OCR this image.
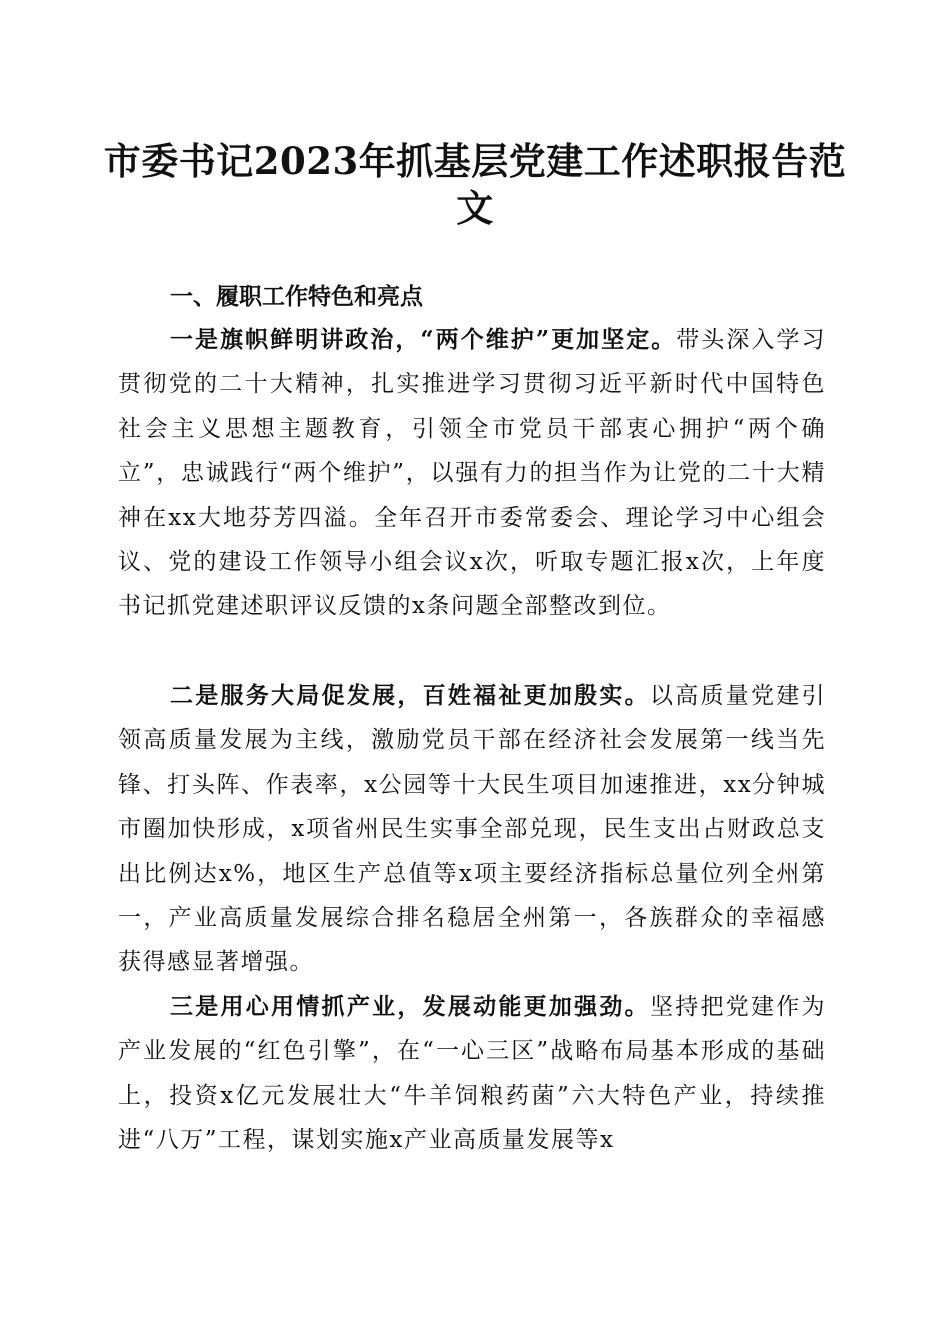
市委书记2023年抓基层党建工作述职报告范文
一、履职工作特色和亮点
一是旗帜鲜明讲政治，“两个维护”更加坚定。带头深入学习贯彻党的二十大精神，扎实推进学习贯彻习近平新时代中国特色社会主义思想主题教育，引领全市党员干部衷心拥护“两个确立”，忠诚践行“两个维护”，以强有力的担当作为让党的二十大精神在xx大地芬芳四溢。全年召开市委常委会、理论学习中心组会议、党的建设工作领导小组会议x次，听取专题汇报x次，上年度书记抓党建述职评议反馈的x条问题全部整改到位。
二是服务大局促发展，百姓福祉更加殷实。以高质量党建引领高质量发展为主线，激励党员干部在经济社会发展第一线当先锋、打头阵、作表率，x公园等十大民生项目加速推进，xx分钟城市圈加快形成，x项省州民生实事全部兑现，民生支出占财政总支出比例达x%，地区生产总值等x项主要经济指标总量位列全州第一，产业高质量发展综合排名稳居全州第一，各族群众的幸福感获得感显著增强。
三是用心用情抓产业，发展动能更加强劲。坚持把党建作为产业发展的“红色引擎”，在“一心三区”战略布局基本形成的基础上，投资x亿元发展壮大“牛羊饲粮药菌”六大特色产业，持续推进“八万”工程，谋划实施x产业高质量发展等x
